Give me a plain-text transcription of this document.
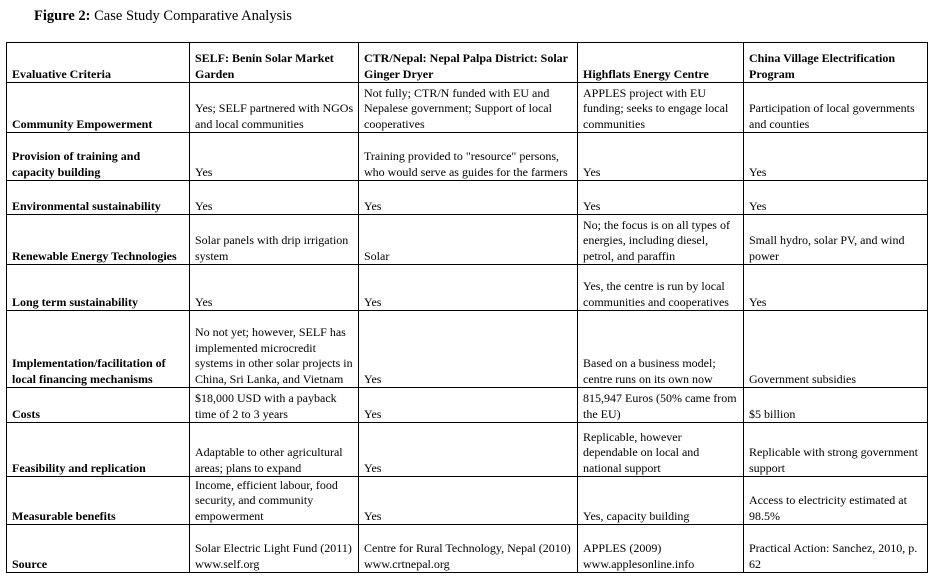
Figure 2: Case Study Comparative Analysis
Evaluative Criteria	SELF: Benin Solar Market Garden	CTR/Nepal: Nepal Palpa District: Solar Ginger Dryer	Highflats Energy Centre	China Village Electrification Program
Community Empowerment	Yes; SELF partnered with NGOs and local communities	Not fully; CTR/N funded with EU and Nepalese government; Support of local cooperatives	APPLES project with EU funding; seeks to engage local communities	Participation of local governments and counties
Provision of training and capacity building	Yes	Training provided to "resource" persons, who would serve as guides for the farmers	Yes	Yes
Environmental sustainability	Yes	Yes	Yes	Yes
Renewable Energy Technologies	Solar panels with drip irrigation system	Solar	No; the focus is on all types of energies, including diesel, petrol, and paraffin	Small hydro, solar PV, and wind power
Long term sustainability	Yes	Yes	Yes, the centre is run by local communities and cooperatives	Yes
Implementation/facilitation of local financing mechanisms	No not yet; however, SELF has implemented microcredit systems in other solar projects in China, Sri Lanka, and Vietnam	Yes	Based on a business model; centre runs on its own now	Government subsidies
Costs	$18,000 USD with a payback time of 2 to 3 years	Yes	815,947 Euros (50% came from the EU)	$5 billion
Feasibility and replication	Adaptable to other agricultural areas; plans to expand	Yes	Replicable, however dependable on local and national support	Replicable with strong government support
Measurable benefits	Income, efficient labour, food security, and community empowerment	Yes	Yes, capacity building	Access to electricity estimated at 98.5%
Source	Solar Electric Light Fund (2011) www.self.org	Centre for Rural Technology, Nepal (2010) www.crtnepal.org	APPLES (2009) www.applesonline.info	Practical Action: Sanchez, 2010, p. 62
